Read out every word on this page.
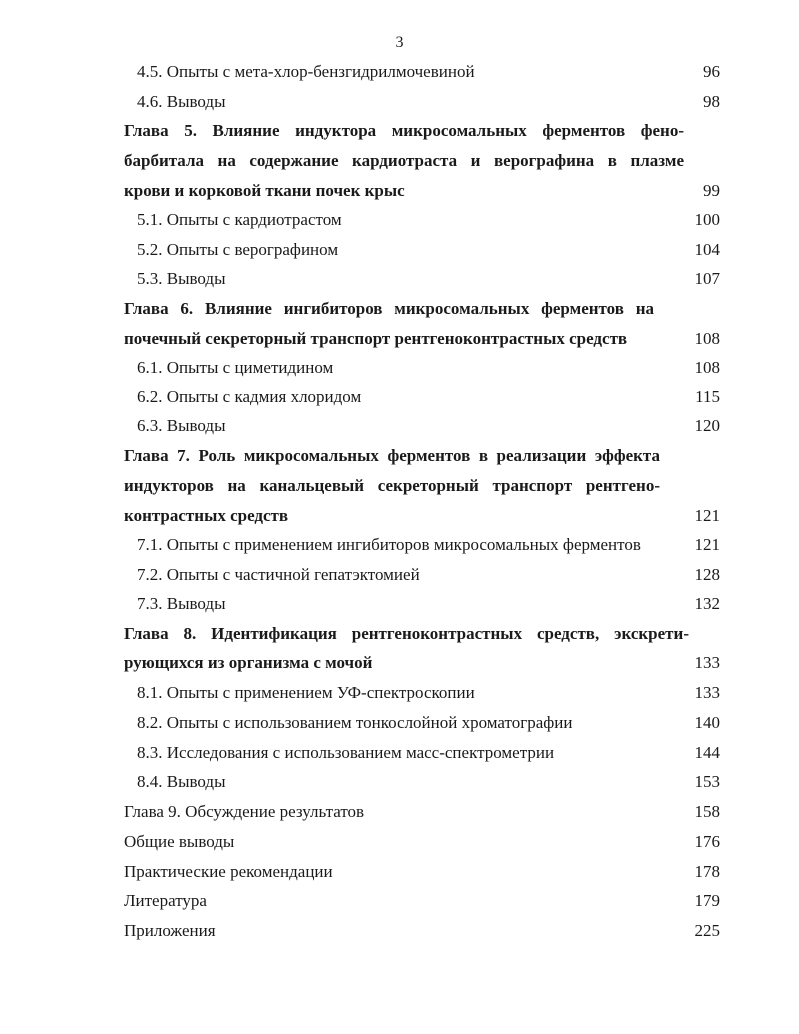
3
4.5. Опыты с мета-хлор-бензгидрилмочевиной	96
4.6. Выводы	98
Глава 5. Влияние индуктора микросомальных ферментов фено-
барбитала на содержание кардиотраста и верографина в плазме
крови и корковой ткани почек крыс	99
5.1. Опыты с кардиотрастом	100
5.2. Опыты с верографином	104
5.3. Выводы	107
Глава 6. Влияние ингибиторов микросомальных ферментов на
почечный секреторный транспорт рентгеноконтрастных средств	108
6.1. Опыты с циметидином	108
6.2. Опыты с кадмия хлоридом	115
6.3. Выводы	120
Глава 7. Роль микросомальных ферментов в реализации эффекта
индукторов на канальцевый секреторный транспорт рентгено-
контрастных средств	121
7.1. Опыты с применением ингибиторов микросомальных ферментов	121
7.2. Опыты с частичной гепатэктомией	128
7.3. Выводы	132
Глава 8. Идентификация рентгеноконтрастных средств, экскрети-
рующихся из организма с мочой	133
8.1. Опыты с применением УФ-спектроскопии	133
8.2. Опыты с использованием тонкослойной хроматографии	140
8.3. Исследования с использованием масс-спектрометрии	144
8.4. Выводы	153
Глава 9. Обсуждение результатов	158
Общие выводы	176
Практические рекомендации	178
Литература	179
Приложения	225
